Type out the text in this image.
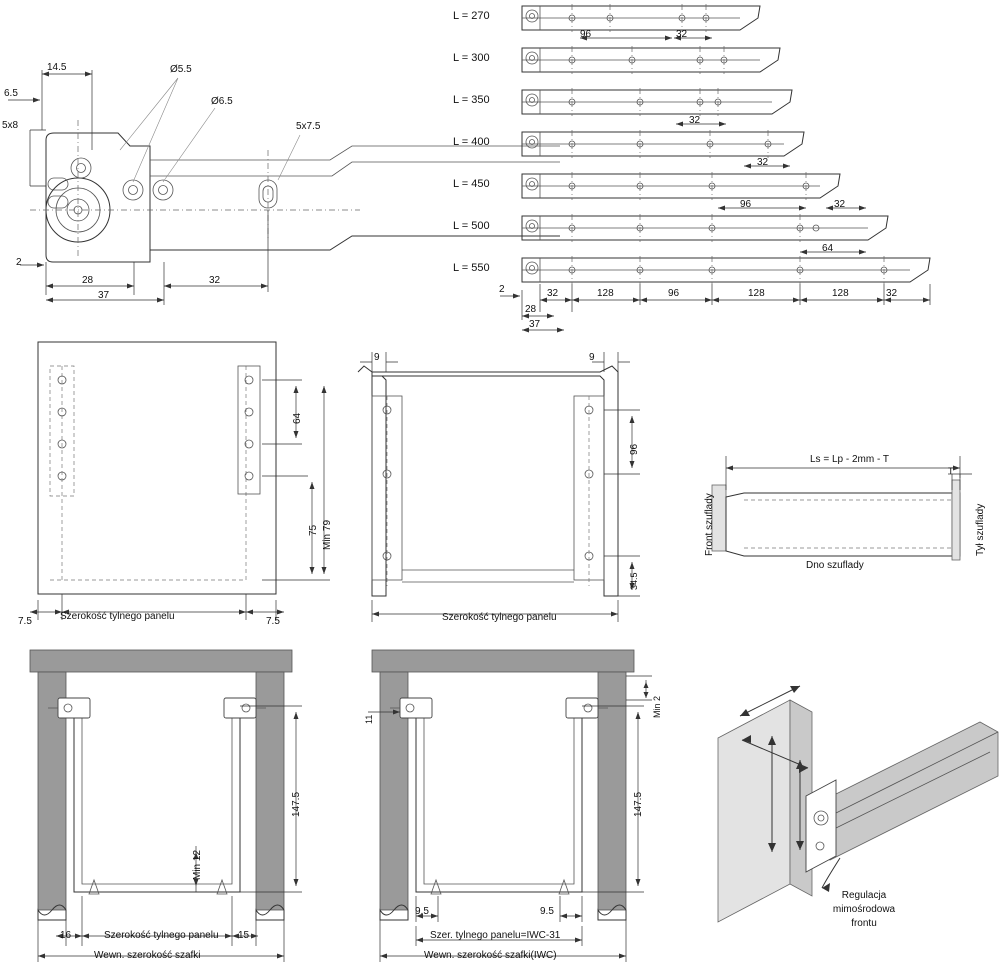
14.5
6.5
5x8
Ø5.5
Ø6.5
5x7.5
2
28
37
32
L = 270
L = 300
L = 350
L = 400
L = 450
L = 500
L = 550
96	32
32
32
96	32
64
2	32	128	96	128	128	32
28
37
64
75 Min 79
7.5	7.5
Szerokość tylnego panelu
9	9
96
34.5
Szerokość tylnego panelu
Ls = Lp - 2mm - T
T
Front szuflady	Tył szuflady
Dno szuflady
147.5
Min 12
16	15
Szerokość tylnego panelu
Wewn. szerokość szafki
147.5
Min 2
11
9.5	9.5
Szer. tylnego panelu=IWC-31
Wewn. szerokość szafki(IWC)
Regulacja
mimośrodowa
frontu
